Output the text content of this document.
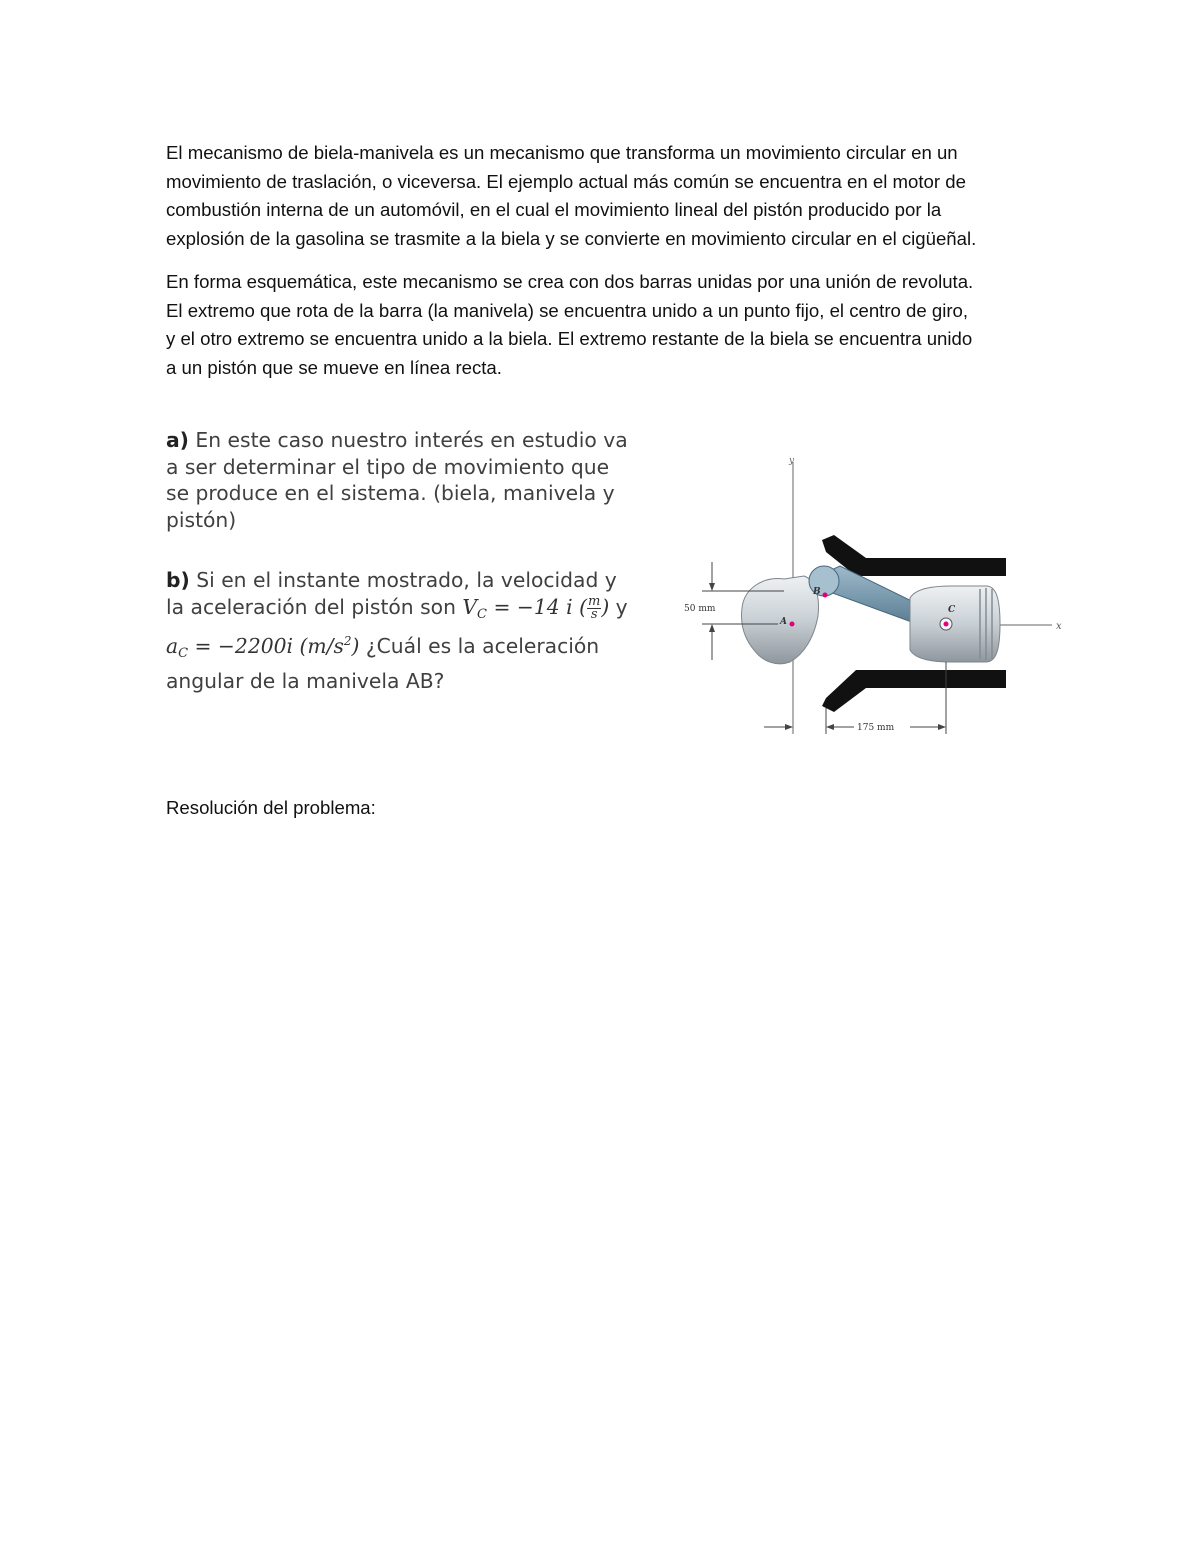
El mecanismo de biela-manivela es un mecanismo que transforma un movimiento circular en un
movimiento de traslación, o viceversa. El ejemplo actual más común se encuentra en el motor de
combustión interna de un automóvil, en el cual el movimiento lineal del pistón producido por la
explosión de la gasolina se trasmite a la biela y se convierte en movimiento circular en el cigüeñal.
En forma esquemática, este mecanismo se crea con dos barras unidas por una unión de revoluta.
El extremo que rota de la barra (la manivela) se encuentra unido a un punto fijo, el centro de giro,
y el otro extremo se encuentra unido a la biela. El extremo restante de la biela se encuentra unido
a un pistón que se mueve en línea recta.
a) En este caso nuestro interés en estudio va
a ser determinar el tipo de movimiento que
se produce en el sistema. (biela, manivela y
pistón)
b) Si en el instante mostrado, la velocidad y
la aceleración del pistón son $V_C = -14$ i ( $\frac{m}{s}$ ) y
$a_C = -2200i$ $(m/s^2)$ ¿Cuál es la aceleración
angular de la manivela AB?
y
x
A
B
C
50 mm
175 mm
Resolución del problema:
